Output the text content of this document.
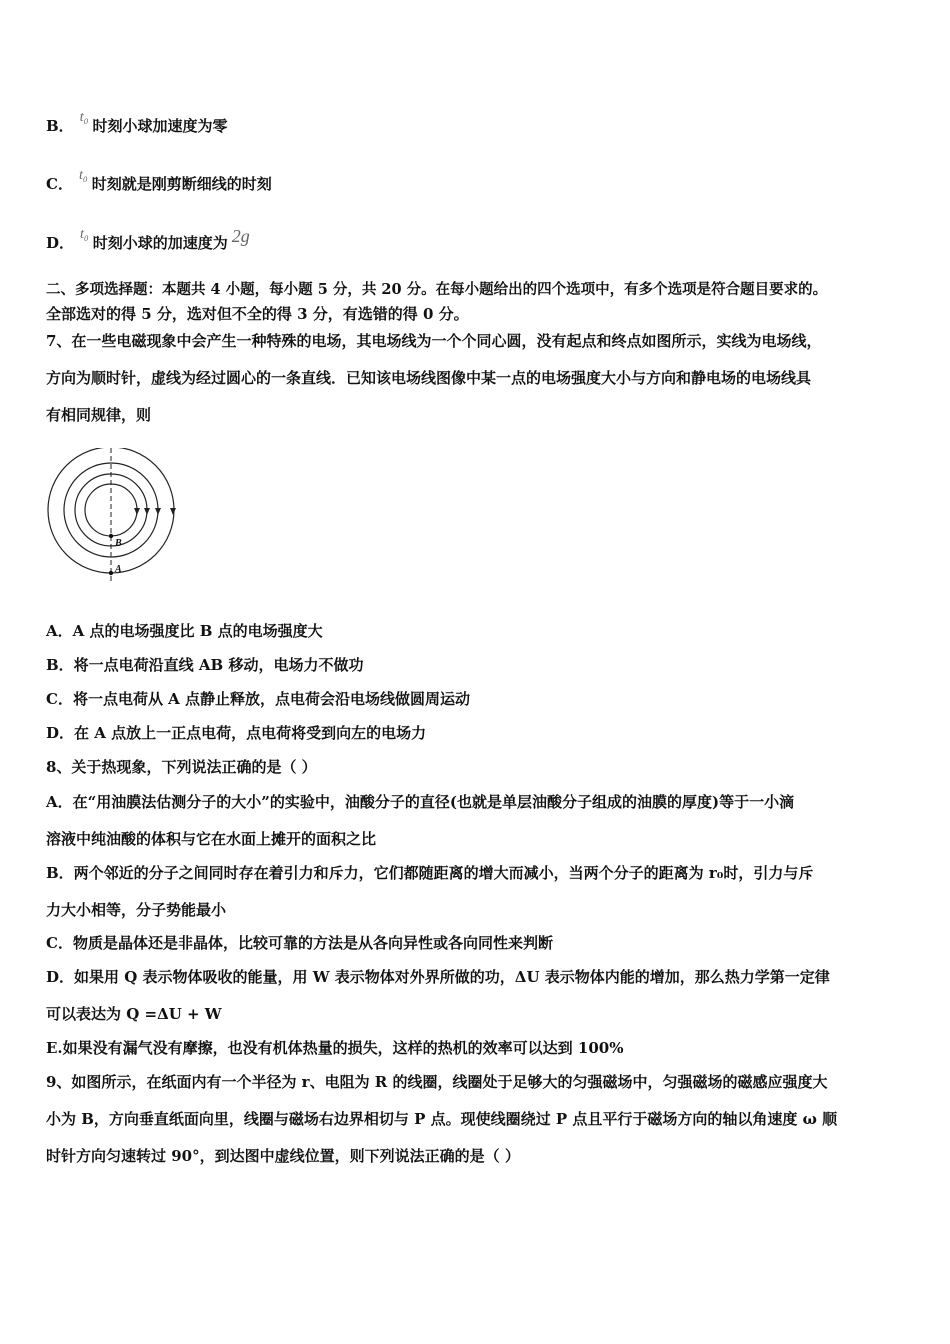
B． t₀ 时刻小球加速度为零
C． t₀ 时刻就是刚剪断细线的时刻
D． t₀ 时刻小球的加速度为 2g
二、多项选择题：本题共 4 小题，每小题 5 分，共 20 分。在每小题给出的四个选项中，有多个选项是符合题目要求的。
全部选对的得 5 分，选对但不全的得 3 分，有选错的得 0 分。
7、在一些电磁现象中会产生一种特殊的电场，其电场线为一个个同心圆，没有起点和终点如图所示，实线为电场线，
方向为顺时针，虚线为经过圆心的一条直线．已知该电场线图像中某一点的电场强度大小与方向和静电场的电场线具
有相同规律，则
B
A
A．A 点的电场强度比 B 点的电场强度大
B．将一点电荷沿直线 AB 移动，电场力不做功
C．将一点电荷从 A 点静止释放，点电荷会沿电场线做圆周运动
D．在 A 点放上一正点电荷，点电荷将受到向左的电场力
8、关于热现象，下列说法正确的是（ ）
A．在“用油膜法估测分子的大小”的实验中，油酸分子的直径(也就是单层油酸分子组成的油膜的厚度)等于一小滴
溶液中纯油酸的体积与它在水面上摊开的面积之比
B．两个邻近的分子之间同时存在着引力和斥力，它们都随距离的增大而减小，当两个分子的距离为 r₀时，引力与斥
力大小相等，分子势能最小
C．物质是晶体还是非晶体，比较可靠的方法是从各向异性或各向同性来判断
D．如果用 Q 表示物体吸收的能量，用 W 表示物体对外界所做的功，ΔU 表示物体内能的增加，那么热力学第一定律
可以表达为 Q =ΔU + W
E.如果没有漏气没有摩擦，也没有机体热量的损失，这样的热机的效率可以达到 100%
9、如图所示，在纸面内有一个半径为 r、电阻为 R 的线圈，线圈处于足够大的匀强磁场中，匀强磁场的磁感应强度大
小为 B，方向垂直纸面向里，线圈与磁场右边界相切与 P 点。现使线圈绕过 P 点且平行于磁场方向的轴以角速度 ω 顺
时针方向匀速转过 90°，到达图中虚线位置，则下列说法正确的是（ ）
